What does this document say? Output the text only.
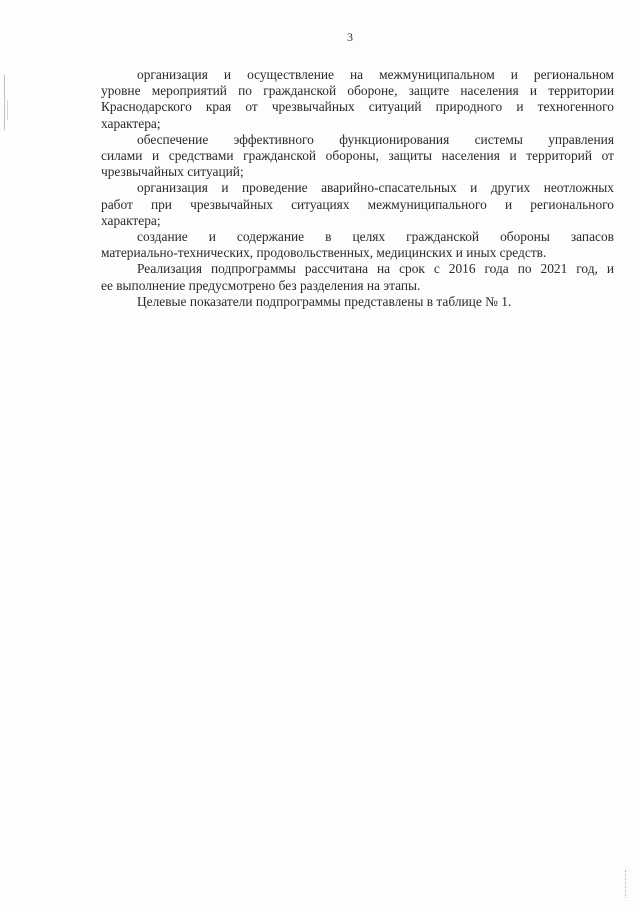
3

организация и осуществление на межмуниципальном и региональном
уровне мероприятий по гражданской обороне, защите населения и территории
Краснодарского края от чрезвычайных ситуаций природного и техногенного
характера;

обеспечение эффективного функционирования системы управления
силами и средствами гражданской обороны, защиты населения и территорий от
чрезвычайных ситуаций;

организация и проведение аварийно-спасательных и других неотложных
работ при чрезвычайных ситуациях межмуниципального и регионального
характера;

создание и содержание в целях гражданской обороны запасов
материально-технических, продовольственных, медицинских и иных средств.

Реализация подпрограммы рассчитана на срок с 2016 года по 2021 год, и
ее выполнение предусмотрено без разделения на этапы.

Целевые показатели подпрограммы представлены в таблице № 1.
